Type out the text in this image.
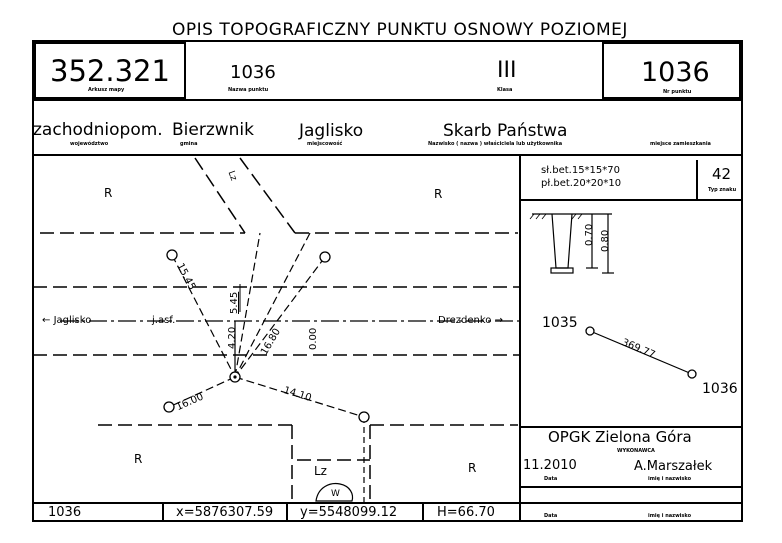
OPIS TOPOGRAFICZNY PUNKTU OSNOWY POZIOMEJ
352.321
Arkusz mapy
1036
Nazwa punktu
III
Klasa
1036
Nr punktu
zachodniopom. Bierzwnik
województwo	gmina
Jaglisko
miejscowość
Skarb Państwa
Nazwisko ( nazwa ) właściciela lub użytkownika	miejsce zamieszkania
sł.bet.15*15*70
pł.bet.20*20*10
42
Typ znaku
0.70 0.80
1035
1036
369.77
R	R
R
R
← Jaglisko	j.asf.	Drezdenko →
Lz
15.45
5.45
4.20 16.80	0.00
16.00	14.10
Lz
W
OPGK Zielona Góra
WYKONAWCA
11.2010
Data
A.Marszałek
imię i nazwisko
Data	imię i nazwisko
1036	x=5876307.59 y=5548099.12	H=66.70
